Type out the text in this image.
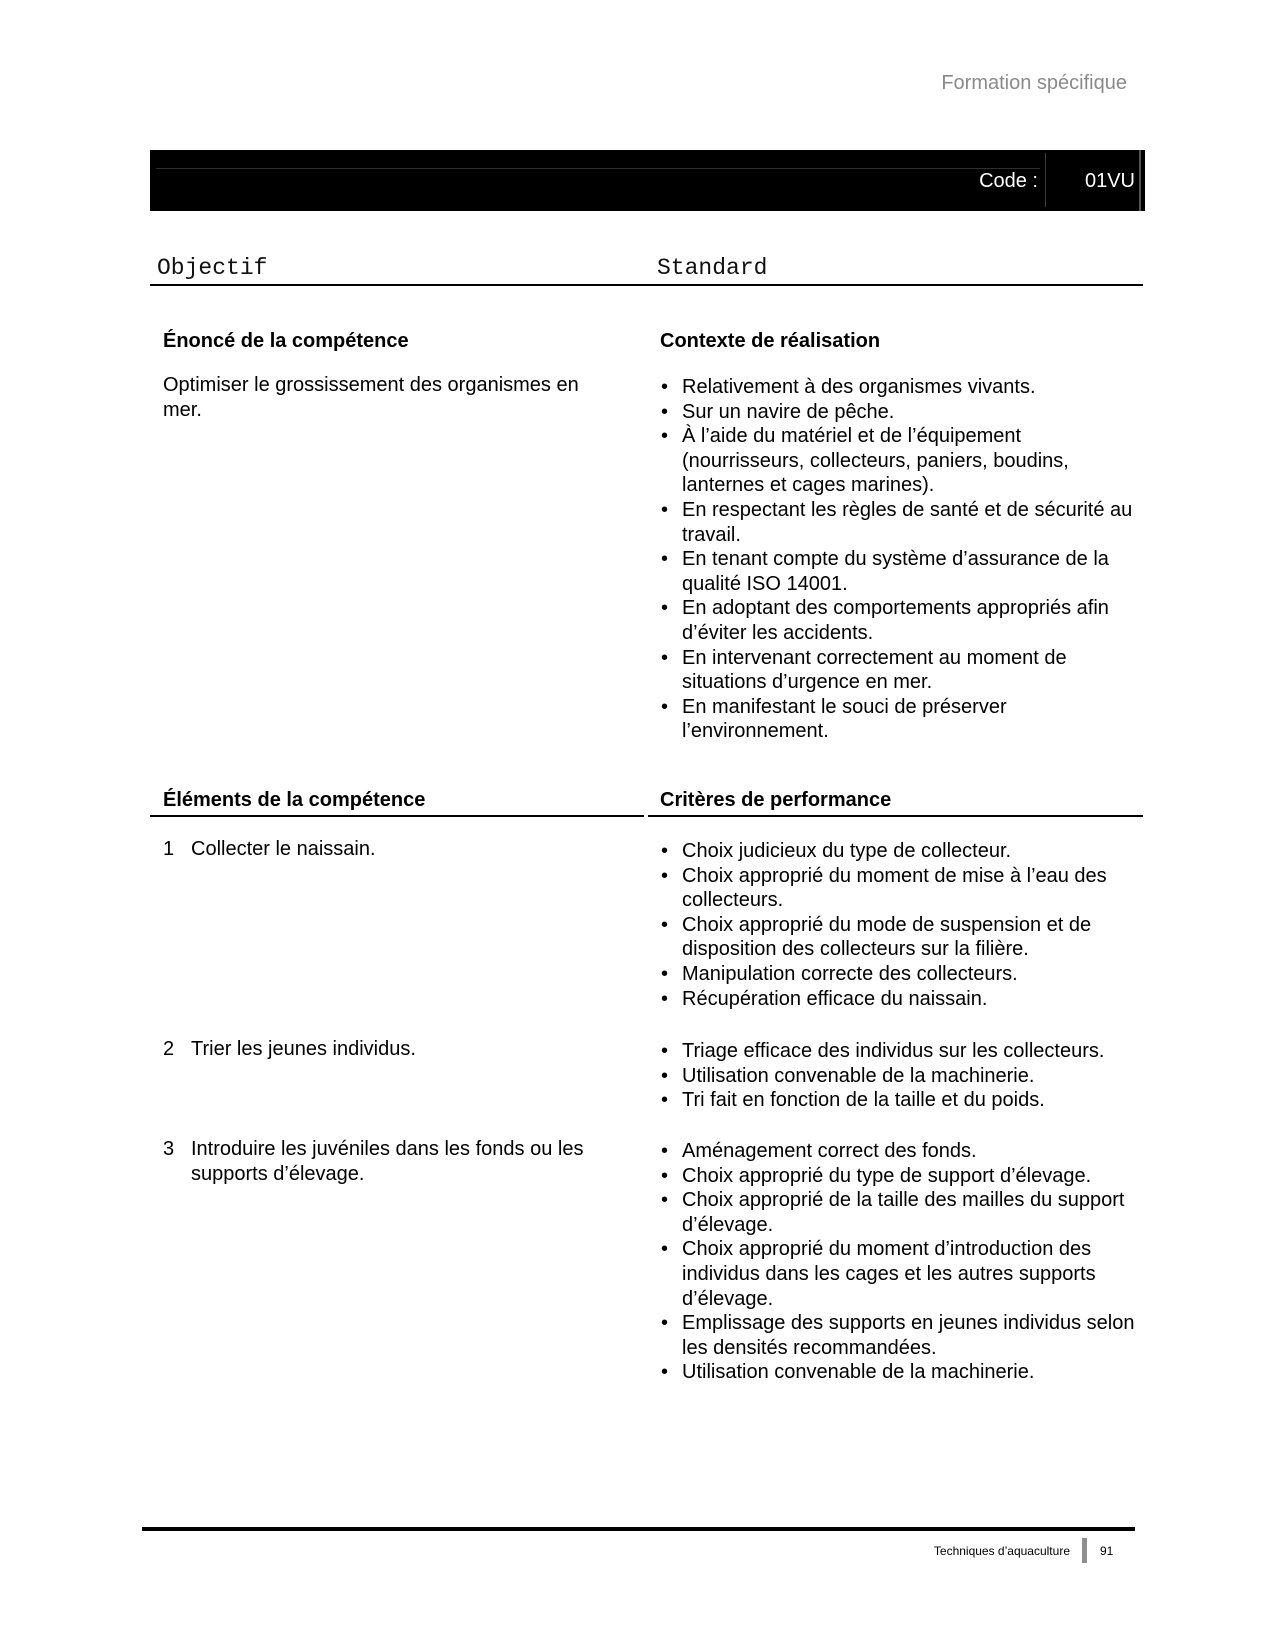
Formation spécifique
Code :	01VU
Objectif	Standard
Énoncé de la compétence	Contexte de réalisation
Optimiser le grossissement des organismes en mer.
• Relativement à des organismes vivants.
• Sur un navire de pêche.
• À l’aide du matériel et de l’équipement (nourrisseurs, collecteurs, paniers, boudins, lanternes et cages marines).
• En respectant les règles de santé et de sécurité au travail.
• En tenant compte du système d’assurance de la qualité ISO 14001.
• En adoptant des comportements appropriés afin d’éviter les accidents.
• En intervenant correctement au moment de situations d’urgence en mer.
• En manifestant le souci de préserver l’environnement.
Éléments de la compétence	Critères de performance
1 Collecter le naissain.	• Choix judicieux du type de collecteur.
• Choix approprié du moment de mise à l’eau des collecteurs.
• Choix approprié du mode de suspension et de disposition des collecteurs sur la filière.
• Manipulation correcte des collecteurs.
• Récupération efficace du naissain.
2 Trier les jeunes individus.	• Triage efficace des individus sur les collecteurs.
• Utilisation convenable de la machinerie.
• Tri fait en fonction de la taille et du poids.
3 Introduire les juvéniles dans les fonds ou les supports d’élevage.
• Aménagement correct des fonds.
• Choix approprié du type de support d’élevage.
• Choix approprié de la taille des mailles du support d’élevage.
• Choix approprié du moment d’introduction des individus dans les cages et les autres supports d’élevage.
• Emplissage des supports en jeunes individus selon les densités recommandées.
• Utilisation convenable de la machinerie.
Techniques d’aquaculture	91
